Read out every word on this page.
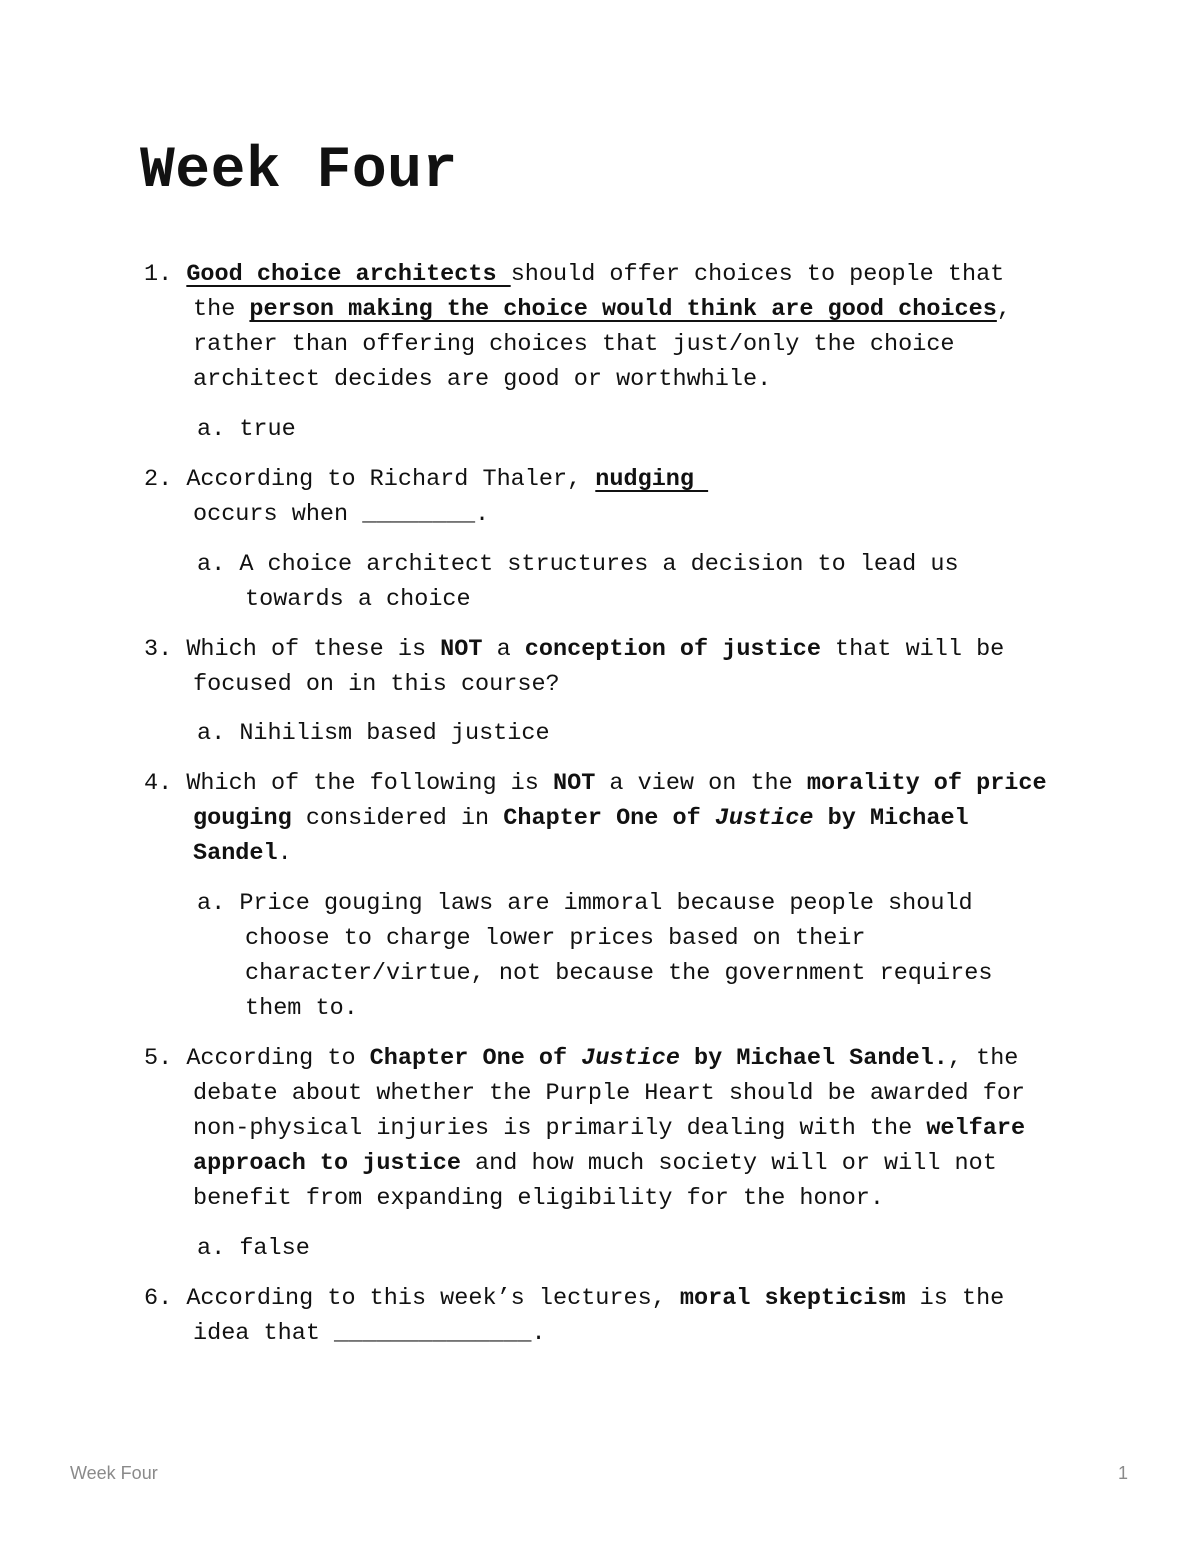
Week Four
1. Good choice architects should offer choices to people that
the person making the choice would think are good choices,
rather than offering choices that just/only the choice
architect decides are good or worthwhile.
a. true
2. According to Richard Thaler, nudging
occurs when ________.
a. A choice architect structures a decision to lead us
towards a choice
3. Which of these is NOT a conception of justice that will be
focused on in this course?
a. Nihilism based justice
4. Which of the following is NOT a view on the morality of price
gouging considered in Chapter One of Justice by Michael
Sandel.
a. Price gouging laws are immoral because people should
choose to charge lower prices based on their
character/virtue, not because the government requires
them to.
5. According to Chapter One of Justice by Michael Sandel., the
debate about whether the Purple Heart should be awarded for
non-physical injuries is primarily dealing with the welfare
approach to justice and how much society will or will not
benefit from expanding eligibility for the honor.
a. false
6. According to this week’s lectures, moral skepticism is the
idea that ______________.
Week Four	1
